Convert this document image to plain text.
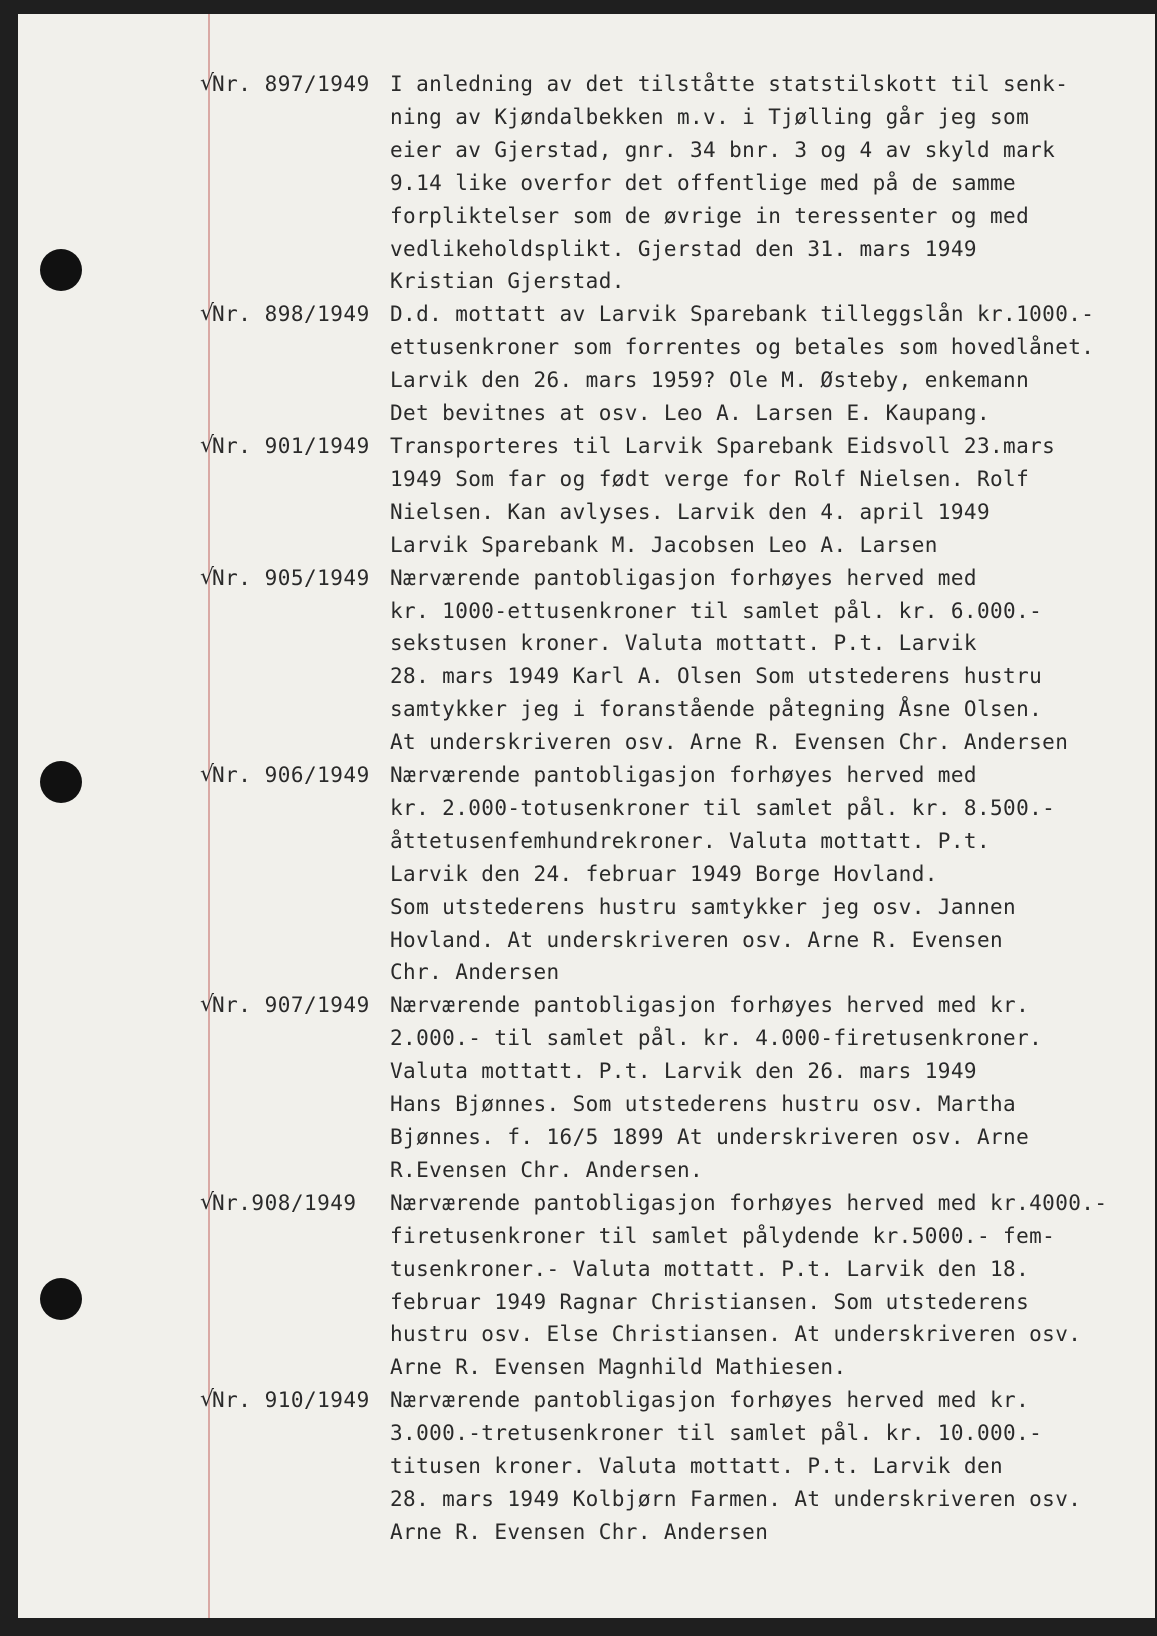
√
Nr. 897/1949 I anledning av det tilståtte statstilskott til senk-
ning av Kjøndalbekken m.v. i Tjølling går jeg som
eier av Gjerstad, gnr. 34 bnr. 3 og 4 av skyld mark
9.14 like overfor det offentlige med på de samme
forpliktelser som de øvrige in teressenter og med
vedlikeholdsplikt. Gjerstad den 31. mars 1949
Kristian Gjerstad.
√
Nr. 898/1949 D.d. mottatt av Larvik Sparebank tilleggslån kr.1000.-
ettusenkroner som forrentes og betales som hovedlånet.
Larvik den 26. mars 1959? Ole M. Østeby, enkemann
Det bevitnes at osv. Leo A. Larsen E. Kaupang.
√
Nr. 901/1949 Transporteres til Larvik Sparebank Eidsvoll 23.mars
1949 Som far og født verge for Rolf Nielsen. Rolf
Nielsen. Kan avlyses. Larvik den 4. april 1949
Larvik Sparebank M. Jacobsen Leo A. Larsen
√
Nr. 905/1949 Nærværende pantobligasjon forhøyes herved med
kr. 1000-ettusenkroner til samlet pål. kr. 6.000.-
sekstusen kroner. Valuta mottatt. P.t. Larvik
28. mars 1949 Karl A. Olsen Som utstederens hustru
samtykker jeg i foranstående påtegning Åsne Olsen.
At underskriveren osv. Arne R. Evensen Chr. Andersen
√
Nr. 906/1949 Nærværende pantobligasjon forhøyes herved med
kr. 2.000-totusenkroner til samlet pål. kr. 8.500.-
åttetusenfemhundrekroner. Valuta mottatt. P.t.
Larvik den 24. februar 1949 Borge Hovland.
Som utstederens hustru samtykker jeg osv. Jannen
Hovland. At underskriveren osv. Arne R. Evensen
Chr. Andersen
√
Nr. 907/1949 Nærværende pantobligasjon forhøyes herved med kr.
2.000.- til samlet pål. kr. 4.000-firetusenkroner.
Valuta mottatt. P.t. Larvik den 26. mars 1949
Hans Bjønnes. Som utstederens hustru osv. Martha
Bjønnes. f. 16/5 1899 At underskriveren osv. Arne
R.Evensen Chr. Andersen.
√
Nr.908/1949 Nærværende pantobligasjon forhøyes herved med kr.4000.-
firetusenkroner til samlet pålydende kr.5000.- fem-
tusenkroner.- Valuta mottatt. P.t. Larvik den 18.
februar 1949 Ragnar Christiansen. Som utstederens
hustru osv. Else Christiansen. At underskriveren osv.
Arne R. Evensen Magnhild Mathiesen.
√
Nr. 910/1949 Nærværende pantobligasjon forhøyes herved med kr.
3.000.-tretusenkroner til samlet pål. kr. 10.000.-
titusen kroner. Valuta mottatt. P.t. Larvik den
28. mars 1949 Kolbjørn Farmen. At underskriveren osv.
Arne R. Evensen Chr. Andersen
